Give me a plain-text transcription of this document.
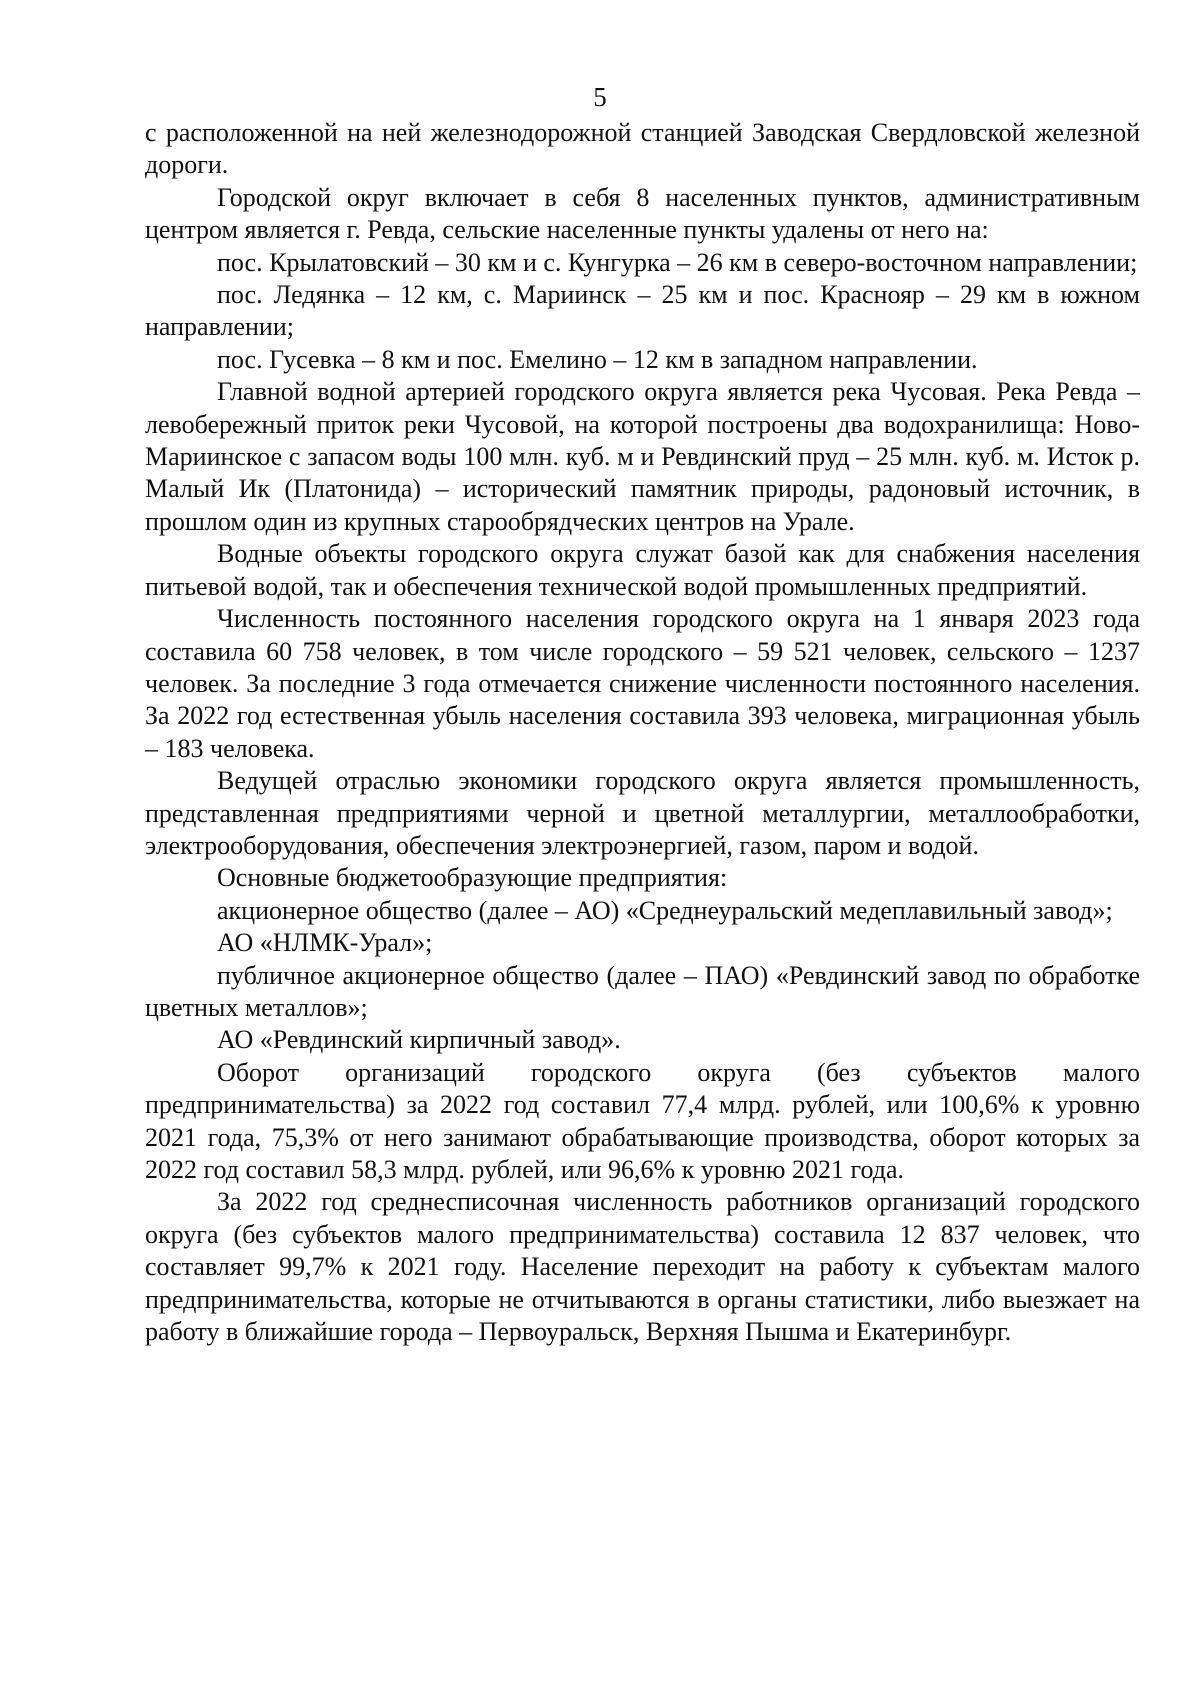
5

с расположенной на ней железнодорожной станцией Заводская Свердловской железной дороги.

Городской округ включает в себя 8 населенных пунктов, административным центром является г. Ревда, сельские населенные пункты удалены от него на:

пос. Крылатовский – 30 км и с. Кунгурка – 26 км в северо-восточном направлении;

пос. Ледянка – 12 км, с. Мариинск – 25 км и пос. Краснояр – 29 км в южном направлении;

пос. Гусевка – 8 км и пос. Емелино – 12 км в западном направлении.

Главной водной артерией городского округа является река Чусовая. Река Ревда – левобережный приток реки Чусовой, на которой построены два водохранилища: Ново-Мариинское с запасом воды 100 млн. куб. м и Ревдинский пруд – 25 млн. куб. м. Исток р. Малый Ик (Платонида) – исторический памятник природы, радоновый источник, в прошлом один из крупных старообрядческих центров на Урале.

Водные объекты городского округа служат базой как для снабжения населения питьевой водой, так и обеспечения технической водой промышленных предприятий.

Численность постоянного населения городского округа на 1 января 2023 года составила 60 758 человек, в том числе городского – 59 521 человек, сельского – 1237 человек. За последние 3 года отмечается снижение численности постоянного населения. За 2022 год естественная убыль населения составила 393 человека, миграционная убыль – 183 человека.

Ведущей отраслью экономики городского округа является промышленность, представленная предприятиями черной и цветной металлургии, металлообработки, электрооборудования, обеспечения электроэнергией, газом, паром и водой.

Основные бюджетообразующие предприятия:

акционерное общество (далее – АО) «Среднеуральский медеплавильный завод»;

АО «НЛМК-Урал»;

публичное акционерное общество (далее – ПАО) «Ревдинский завод по обработке цветных металлов»;

АО «Ревдинский кирпичный завод».

Оборот организаций городского округа (без субъектов малого предпринимательства) за 2022 год составил 77,4 млрд. рублей, или 100,6% к уровню 2021 года, 75,3% от него занимают обрабатывающие производства, оборот которых за 2022 год составил 58,3 млрд. рублей, или 96,6% к уровню 2021 года.

За 2022 год среднесписочная численность работников организаций городского округа (без субъектов малого предпринимательства) составила 12 837 человек, что составляет 99,7% к 2021 году. Население переходит на работу к субъектам малого предпринимательства, которые не отчитываются в органы статистики, либо выезжает на работу в ближайшие города – Первоуральск, Верхняя Пышма и Екатеринбург.
